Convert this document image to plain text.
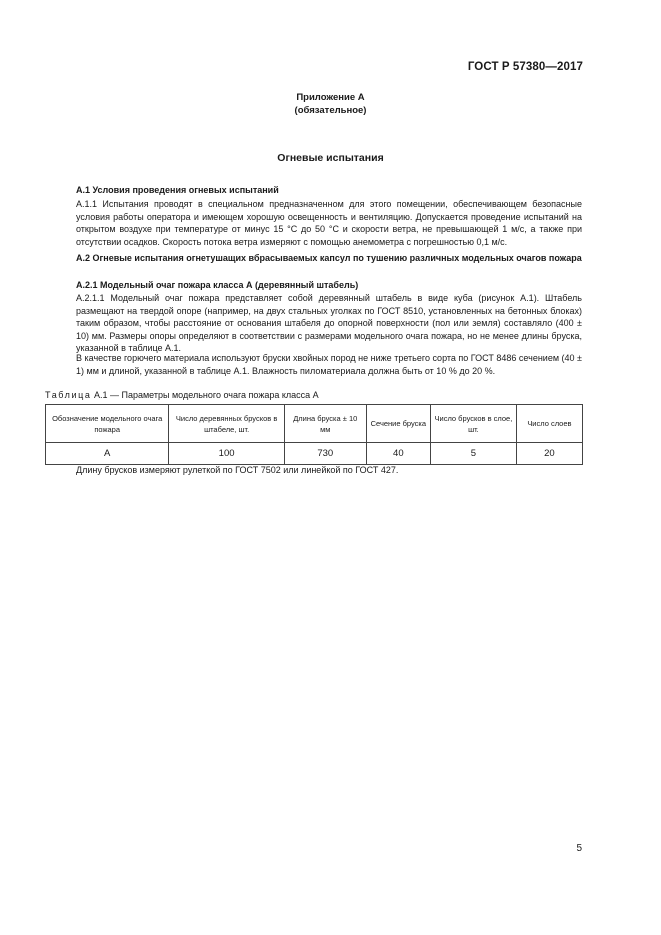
ГОСТ Р 57380—2017
Приложение А
(обязательное)
Огневые испытания
А.1 Условия проведения огневых испытаний
А.1.1 Испытания проводят в специальном предназначенном для этого помещении, обеспечивающем безопасные условия работы оператора и имеющем хорошую освещенность и вентиляцию. Допускается проведение испытаний на открытом воздухе при температуре от минус 15 °С до 50 °С и скорости ветра, не превышающей 1 м/с, а также при отсутствии осадков. Скорость потока ветра измеряют с помощью анемометра с погрешностью 0,1 м/с.
А.2 Огневые испытания огнетушащих вбрасываемых капсул по тушению различных модельных очагов пожара
А.2.1 Модельный очаг пожара класса А (деревянный штабель)
А.2.1.1 Модельный очаг пожара представляет собой деревянный штабель в виде куба (рисунок А.1). Штабель размещают на твердой опоре (например, на двух стальных уголках по ГОСТ 8510, установленных на бетонных блоках) таким образом, чтобы расстояние от основания штабеля до опорной поверхности (пол или земля) составляло (400 ± 10) мм. Размеры опоры определяют в соответствии с размерами модельного очага пожара, но не менее длины бруска, указанной в таблице А.1.
В качестве горючего материала используют бруски хвойных пород не ниже третьего сорта по ГОСТ 8486 сечением (40 ± 1) мм и длиной, указанной в таблице А.1. Влажность пиломатериала должна быть от 10 % до 20 %.
Таблица А.1 — Параметры модельного очага пожара класса А
Обозначение модельного очага пожара	Число деревянных брусков в штабеле, шт.	Длина бруска ± 10 мм	Сечение бруска	Число брусков в слое, шт.	Число слоев
А	100	730	40	5	20
Длину брусков измеряют рулеткой по ГОСТ 7502 или линейкой по ГОСТ 427.
5
